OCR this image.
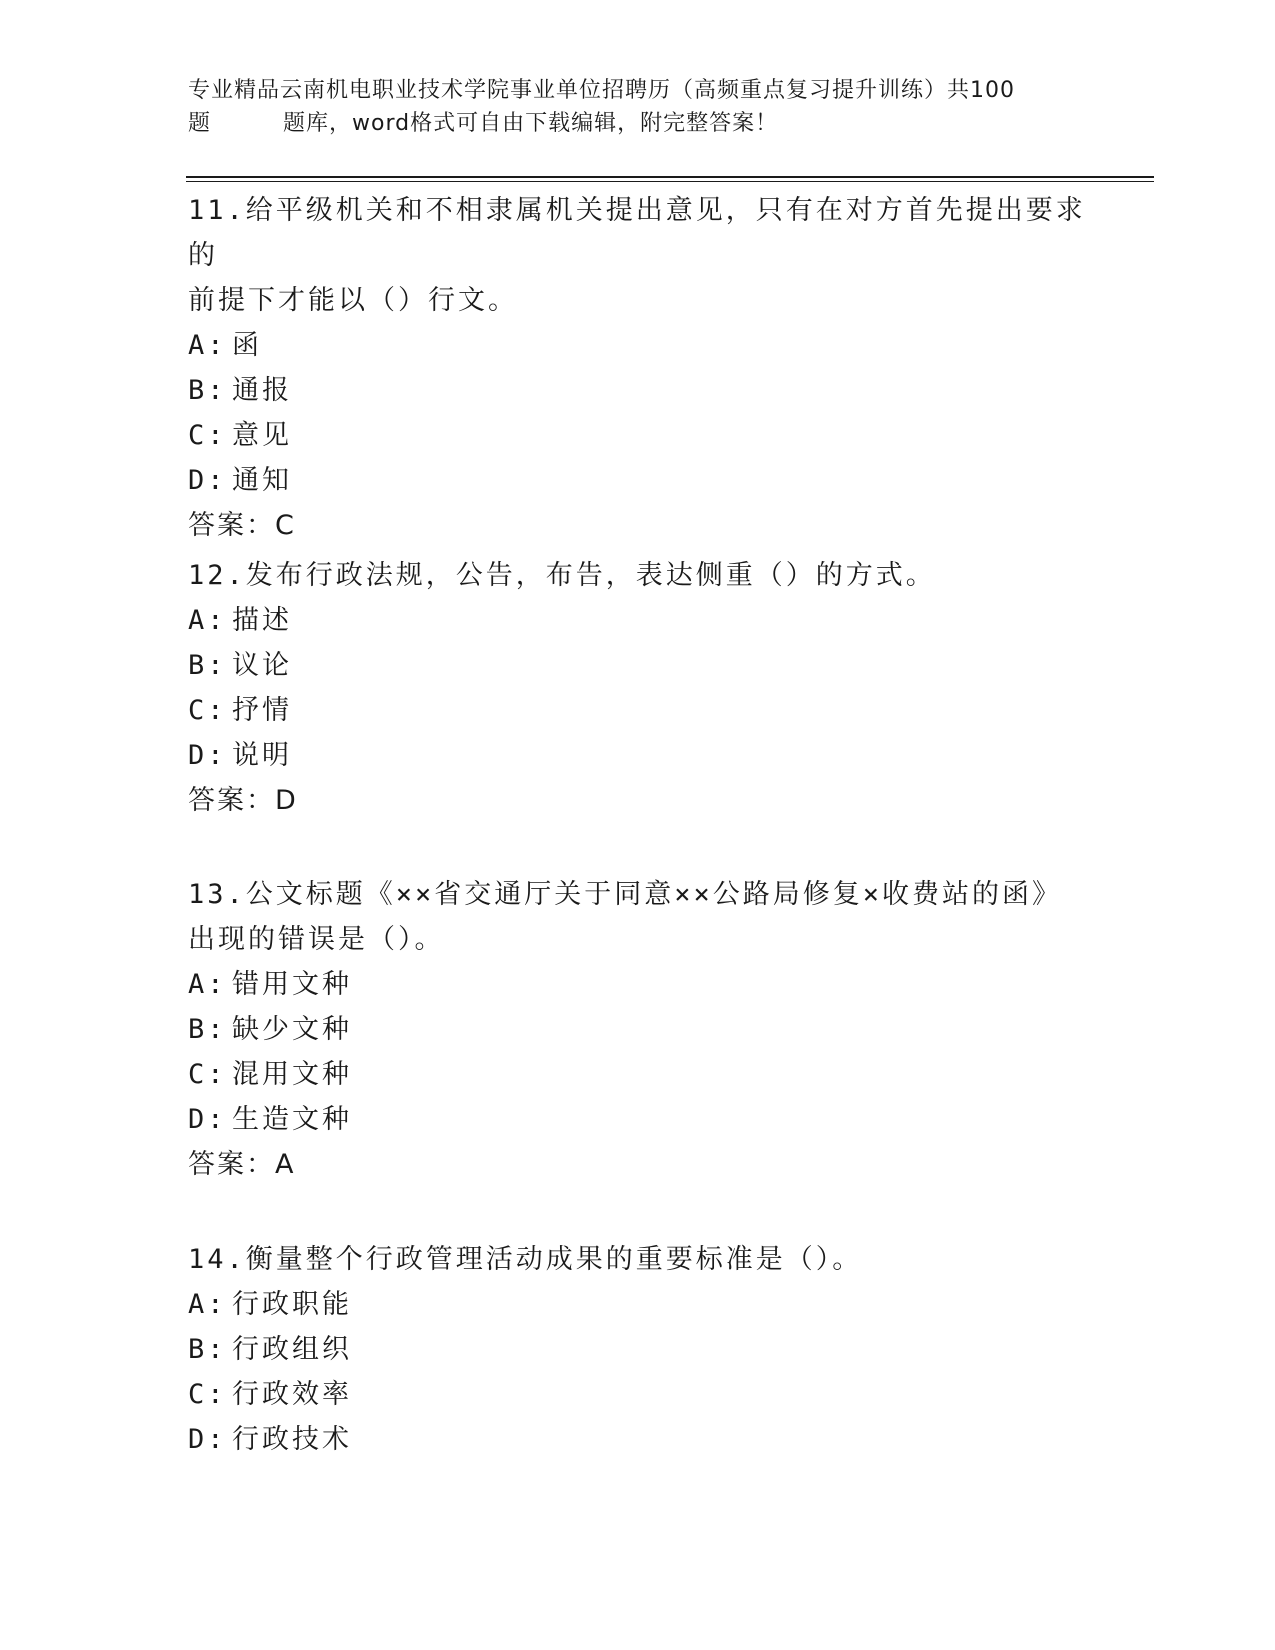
专业精品云南机电职业技术学院事业单位招聘历（高频重点复习提升训练）共100
题	题库，word格式可自由下载编辑，附完整答案！
11.给平级机关和不相隶属机关提出意见，只有在对方首先提出要求的
前提下才能以（）行文。
A: 函
B: 通报
C: 意见
D: 通知
答案：C
12.发布行政法规，公告，布告，表达侧重（）的方式。
A: 描述
B: 议论
C: 抒情
D: 说明
答案：D
13.公文标题《××省交通厅关于同意××公路局修复×收费站的函》
出现的错误是（）。
A: 错用文种
B: 缺少文种
C: 混用文种
D: 生造文种
答案：A
14.衡量整个行政管理活动成果的重要标准是（）。
A: 行政职能
B: 行政组织
C: 行政效率
D: 行政技术
